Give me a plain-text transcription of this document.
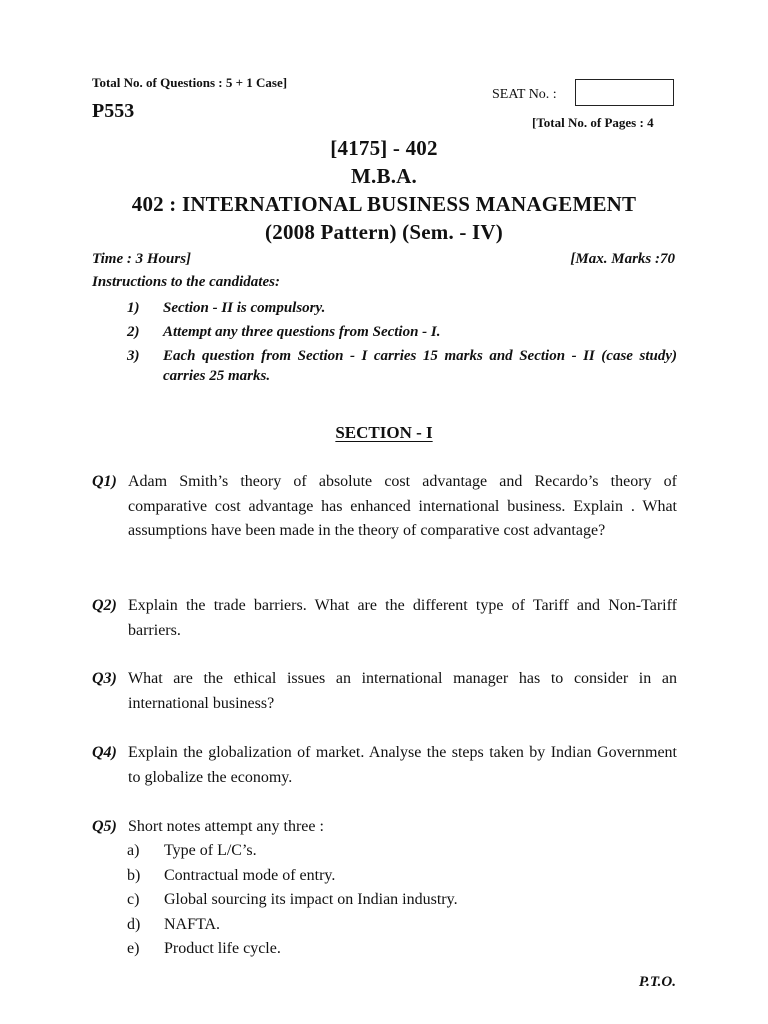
Total No. of Questions : 5 + 1 Case]
P553
SEAT No. :
[Total No. of Pages : 4
[4175] - 402
M.B.A.
402 : INTERNATIONAL BUSINESS MANAGEMENT
(2008 Pattern) (Sem. - IV)
Time : 3 Hours]	[Max. Marks :70
Instructions to the candidates:
1) Section - II is compulsory.
2) Attempt any three questions from Section - I.
3) Each question from Section - I carries 15 marks and Section - II (case study) carries 25 marks.
SECTION - I
Q1) Adam Smith’s theory of absolute cost advantage and Recardo’s theory of comparative cost advantage has enhanced international business. Explain . What assumptions have been made in the theory of comparative cost advantage?
Q2) Explain the trade barriers. What are the different type of Tariff and Non-Tariff barriers.
Q3) What are the ethical issues an international manager has to consider in an international business?
Q4) Explain the globalization of market. Analyse the steps taken by Indian Government to globalize the economy.
Q5) Short notes attempt any three :
a) Type of L/C’s.
b) Contractual mode of entry.
c) Global sourcing its impact on Indian industry.
d) NAFTA.
e) Product life cycle.
P.T.O.
